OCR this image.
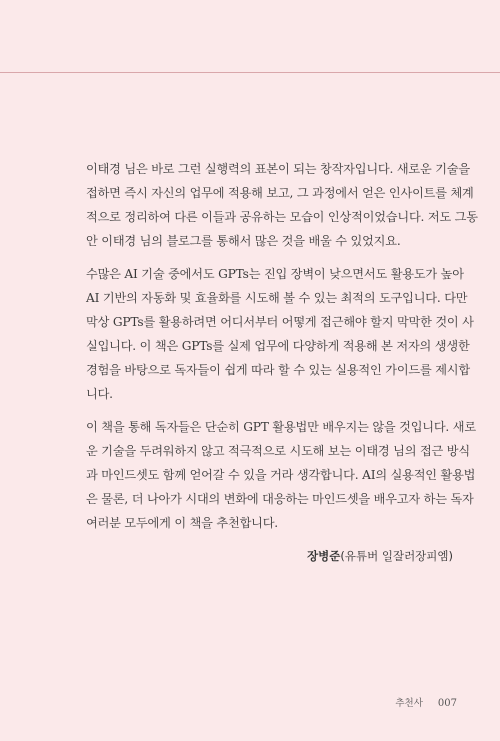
이태경 님은 바로 그런 실행력의 표본이 되는 창작자입니다. 새로운 기술을
접하면 즉시 자신의 업무에 적용해 보고, 그 과정에서 얻은 인사이트를 체계
적으로 정리하여 다른 이들과 공유하는 모습이 인상적이었습니다. 저도 그동
안 이태경 님의 블로그를 통해서 많은 것을 배울 수 있었지요.

수많은 AI 기술 중에서도 GPTs는 진입 장벽이 낮으면서도 활용도가 높아
AI 기반의 자동화 및 효율화를 시도해 볼 수 있는 최적의 도구입니다. 다만
막상 GPTs를 활용하려면 어디서부터 어떻게 접근해야 할지 막막한 것이 사
실입니다. 이 책은 GPTs를 실제 업무에 다양하게 적용해 본 저자의 생생한
경험을 바탕으로 독자들이 쉽게 따라 할 수 있는 실용적인 가이드를 제시합
니다.

이 책을 통해 독자들은 단순히 GPT 활용법만 배우지는 않을 것입니다. 새로
운 기술을 두려워하지 않고 적극적으로 시도해 보는 이태경 님의 접근 방식
과 마인드셋도 함께 얻어갈 수 있을 거라 생각합니다. AI의 실용적인 활용법
은 물론, 더 나아가 시대의 변화에 대응하는 마인드셋을 배우고자 하는 독자
여러분 모두에게 이 책을 추천합니다.

장병준(유튜버 일잘러장피엠)
추천사 007
